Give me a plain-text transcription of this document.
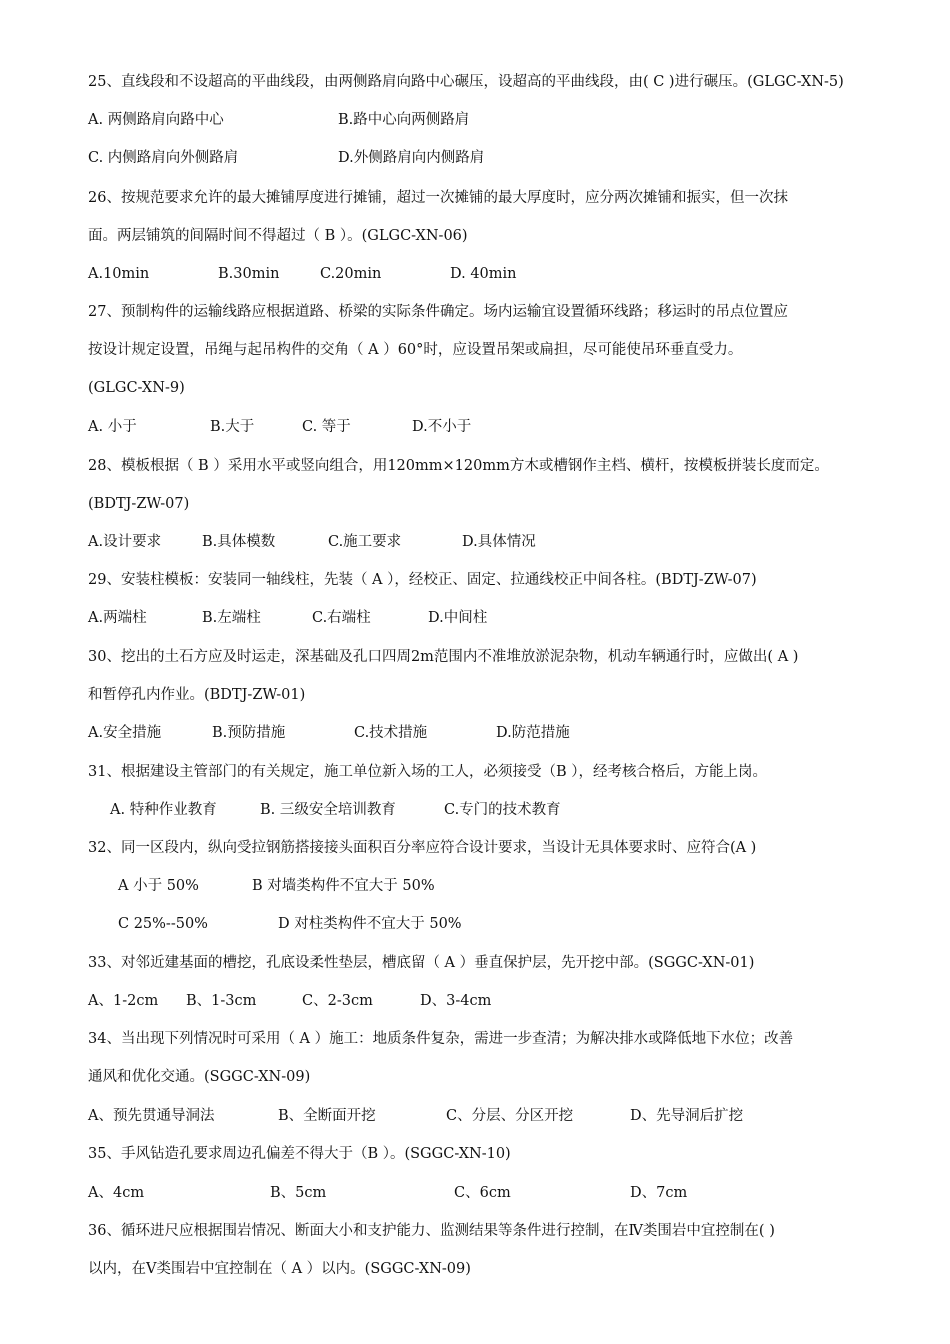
25、直线段和不设超高的平曲线段，由两侧路肩向路中心碾压，设超高的平曲线段，由( C )进行碾压。(GLGC-XN-5)
A. 两侧路肩向路中心	B.路中心向两侧路肩
C. 内侧路肩向外侧路肩	D.外侧路肩向内侧路肩
26、按规范要求允许的最大摊铺厚度进行摊铺，超过一次摊铺的最大厚度时，应分两次摊铺和振实，但一次抹
面。两层铺筑的间隔时间不得超过（ B ）。(GLGC-XN-06)
A.10min	B.30min	C.20min	D. 40min
27、预制构件的运输线路应根据道路、桥梁的实际条件确定。场内运输宜设置循环线路；移运时的吊点位置应
按设计规定设置，吊绳与起吊构件的交角（ A ）60°时，应设置吊架或扁担，尽可能使吊环垂直受力。
(GLGC-XN-9)
A. 小于	B.大于	C. 等于	D.不小于
28、模板根据（ B ）采用水平或竖向组合，用120mm×120mm方木或槽钢作主档、横杆，按模板拼装长度而定。
(BDTJ-ZW-07)
A.设计要求	B.具体模数	C.施工要求	D.具体情况
29、安装柱模板：安装同一轴线柱，先装（ A ），经校正、固定、拉通线校正中间各柱。(BDTJ-ZW-07)
A.两端柱	B.左端柱	C.右端柱	D.中间柱
30、挖出的土石方应及时运走，深基础及孔口四周2m范围内不准堆放淤泥杂物，机动车辆通行时，应做出( A )
和暂停孔内作业。(BDTJ-ZW-01)
A.安全措施	B.预防措施	C.技术措施	D.防范措施
31、根据建设主管部门的有关规定，施工单位新入场的工人，必须接受（B ），经考核合格后，方能上岗。
A. 特种作业教育	B. 三级安全培训教育	C.专门的技术教育
32、同一区段内，纵向受拉钢筋搭接接头面积百分率应符合设计要求，当设计无具体要求时、应符合(A )
A 小于 50%	B 对墙类构件不宜大于 50%
C 25%--50%	D 对柱类构件不宜大于 50%
33、对邻近建基面的槽挖，孔底设柔性垫层，槽底留（ A ）垂直保护层，先开挖中部。(SGGC-XN-01)
A、1-2cm B、1-3cm	C、2-3cm	D、3-4cm
34、当出现下列情况时可采用（ A ）施工：地质条件复杂，需进一步查清；为解决排水或降低地下水位；改善
通风和优化交通。(SGGC-XN-09)
A、预先贯通导洞法	B、全断面开挖	C、分层、分区开挖	D、先导洞后扩挖
35、手风钻造孔要求周边孔偏差不得大于（B ）。(SGGC-XN-10)
A、4cm	B、5cm	C、6cm	D、7cm
36、循环进尺应根据围岩情况、断面大小和支护能力、监测结果等条件进行控制，在Ⅳ类围岩中宜控制在( )
以内，在Ⅴ类围岩中宜控制在（ A ）以内。(SGGC-XN-09)
